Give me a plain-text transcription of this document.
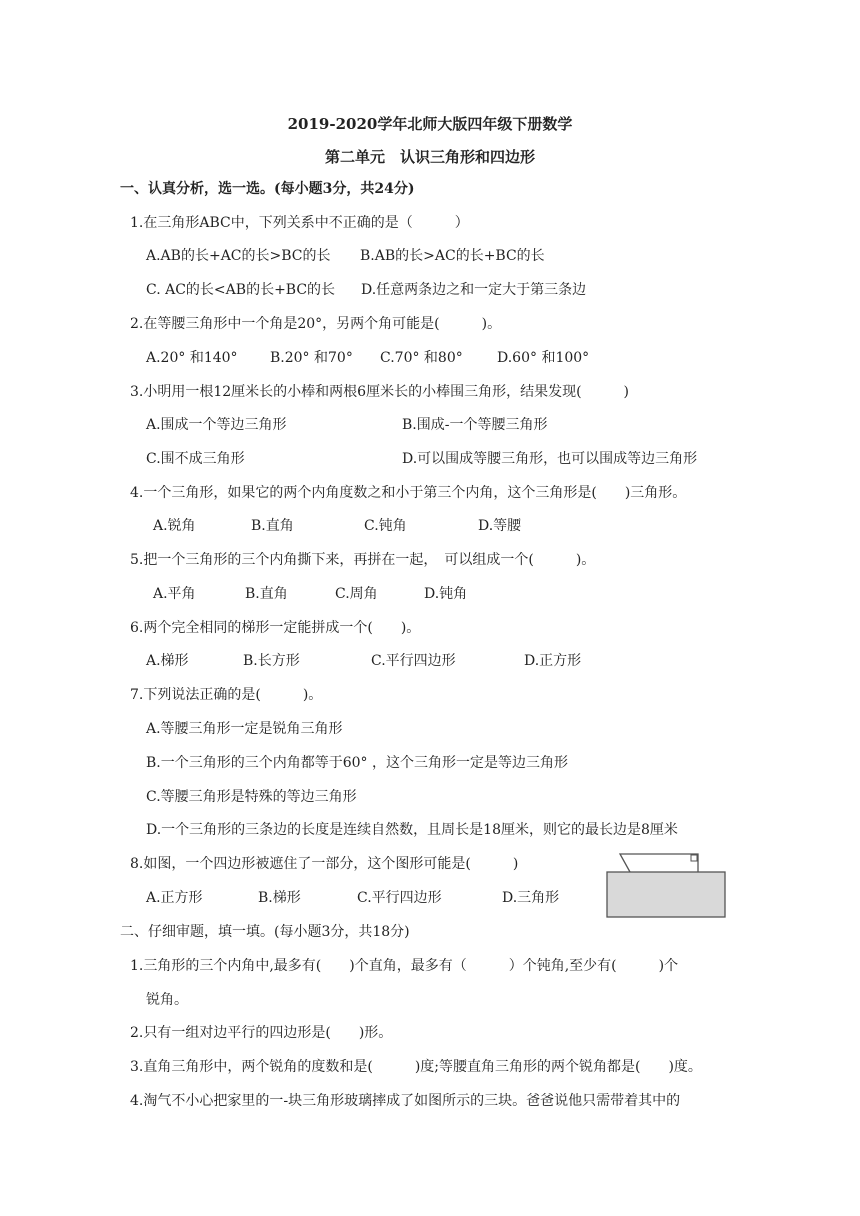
2019-2020学年北师大版四年级下册数学
第二单元　认识三角形和四边形
一、认真分析，选一选。(每小题3分，共24分)
1.在三角形ABC中，下列关系中不正确的是（　　　）
A.AB的长+AC的长>BC的长 B.AB的长>AC的长+BC的长
C. AC的长<AB的长+BC的长 D.任意两条边之和一定大于第三条边
2.在等腰三角形中一个角是20°，另两个角可能是(　　　)。
A.20° 和140° B.20° 和70° C.70° 和80° D.60° 和100°
3.小明用一根12厘米长的小棒和两根6厘米长的小棒围三角形，结果发现(　　　)
A.围成一个等边三角形	B.围成-一个等腰三角形
C.围不成三角形	D.可以围成等腰三角形，也可以围成等边三角形
4.一个三角形，如果它的两个内角度数之和小于第三个内角，这个三角形是(　　)三角形。
A.锐角	B.直角	C.钝角	D.等腰
5.把一个三角形的三个内角撕下来，再拼在一起，　可以组成一个(　　　)。
A.平角	B.直角	C.周角	D.钝角
6.两个完全相同的梯形一定能拼成一个(　　)。
A.梯形	B.长方形	C.平行四边形	D.正方形
7.下列说法正确的是(　　　)。
A.等腰三角形一定是锐角三角形
B.一个三角形的三个内角都等于60° ，这个三角形一定是等边三角形
C.等腰三角形是特殊的等边三角形
D.一个三角形的三条边的长度是连续自然数，且周长是18厘米，则它的最长边是8厘米
8.如图，一个四边形被遮住了一部分，这个图形可能是(　　　)
A.正方形	B.梯形	C.平行四边形	D.三角形
二、仔细审题，填一填。(每小题3分，共18分)
1.三角形的三个内角中,最多有(　　)个直角，最多有（　　　）个钝角,至少有(　　　)个
锐角。
2.只有一组对边平行的四边形是(　　)形。
3.直角三角形中，两个锐角的度数和是(　　　)度;等腰直角三角形的两个锐角都是(　　)度。
4.淘气不小心把家里的一-块三角形玻璃摔成了如图所示的三块。爸爸说他只需带着其中的
